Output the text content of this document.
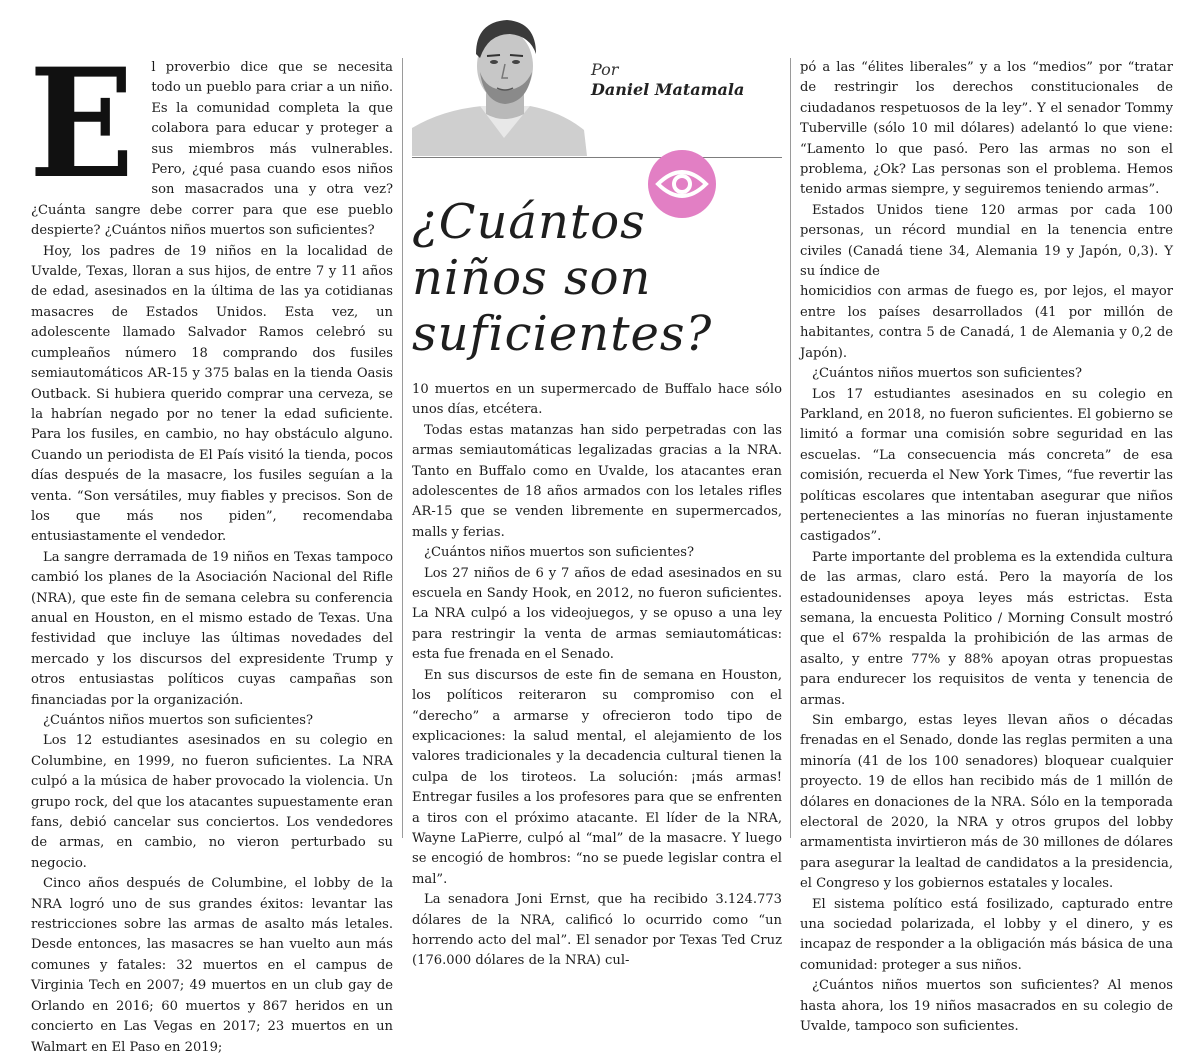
E	l proverbio dice que se necesita todo un pueblo para criar a un niño. Es la comunidad completa la que colabora para educar y proteger a sus miembros más vulnerables. Pero, ¿qué pasa cuando esos niños son masacrados una y otra vez? ¿Cuánta sangre debe correr para que ese pueblo despierte? ¿Cuántos niños muertos son suficientes?

Hoy, los padres de 19 niños en la localidad de Uvalde, Texas, lloran a sus hijos, de entre 7 y 11 años de edad, asesinados en la última de las ya cotidianas masacres de Estados Unidos. Esta vez, un adolescente llamado Salvador Ramos celebró su cumpleaños número 18 comprando dos fusiles semiautomáticos AR-15 y 375 balas en la tienda Oasis Outback. Si hubiera querido comprar una cerveza, se la habrían negado por no tener la edad suficiente. Para los fusiles, en cambio, no hay obstáculo alguno. Cuando un periodista de El País visitó la tienda, pocos días después de la masacre, los fusiles seguían a la venta. “Son versátiles, muy fiables y precisos. Son de los que más nos piden”, recomendaba entusiastamente el vendedor.

La sangre derramada de 19 niños en Texas tampoco cambió los planes de la Asociación Nacional del Rifle (NRA), que este fin de semana celebra su conferencia anual en Houston, en el mismo estado de Texas. Una festividad que incluye las últimas novedades del mercado y los discursos del expresidente Trump y otros entusiastas políticos cuyas campañas son financiadas por la organización.

¿Cuántos niños muertos son suficientes?

Los 12 estudiantes asesinados en su colegio en Columbine, en 1999, no fueron suficientes. La NRA culpó a la música de haber provocado la violencia. Un grupo rock, del que los atacantes supuestamente eran fans, debió cancelar sus conciertos. Los vendedores de armas, en cambio, no vieron perturbado su negocio.

Cinco años después de Columbine, el lobby de la NRA logró uno de sus grandes éxitos: levantar las restricciones sobre las armas de asalto más letales. Desde entonces, las masacres se han vuelto aun más comunes y fatales: 32 muertos en el campus de Virginia Tech en 2007; 49 muertos en un club gay de Orlando en 2016; 60 muertos y 867 heridos en un concierto en Las Vegas en 2017; 23 muertos en un Walmart en El Paso en 2019;

Por
Daniel Matamala
¿Cuántos niños son suficientes?

10 muertos en un supermercado de Buffalo hace sólo unos días, etcétera.

Todas estas matanzas han sido perpetradas con las armas semiautomáticas legalizadas gracias a la NRA. Tanto en Buffalo como en Uvalde, los atacantes eran adolescentes de 18 años armados con los letales rifles AR-15 que se venden libremente en supermercados, malls y ferias.

¿Cuántos niños muertos son suficientes?

Los 27 niños de 6 y 7 años de edad asesinados en su escuela en Sandy Hook, en 2012, no fueron suficientes. La NRA culpó a los videojuegos, y se opuso a una ley para restringir la venta de armas semiautomáticas: esta fue frenada en el Senado.

En sus discursos de este fin de semana en Houston, los políticos reiteraron su compromiso con el “derecho” a armarse y ofrecieron todo tipo de explicaciones: la salud mental, el alejamiento de los valores tradicionales y la decadencia cultural tienen la culpa de los tiroteos. La solución: ¡más armas! Entregar fusiles a los profesores para que se enfrenten a tiros con el próximo atacante. El líder de la NRA, Wayne LaPierre, culpó al “mal” de la masacre. Y luego se encogió de hombros: “no se puede legislar contra el mal”.

La senadora Joni Ernst, que ha recibido 3.124.773 dólares de la NRA, calificó lo ocurrido como “un horrendo acto del mal”. El senador por Texas Ted Cruz (176.000 dólares de la NRA) cul-

pó a las “élites liberales” y a los “medios” por “tratar de restringir los derechos constitucionales de ciudadanos respetuosos de la ley”. Y el senador Tommy Tuberville (sólo 10 mil dólares) adelantó lo que viene: “Lamento lo que pasó. Pero las armas no son el problema, ¿Ok? Las personas son el problema. Hemos tenido armas siempre, y seguiremos teniendo armas”.

Estados Unidos tiene 120 armas por cada 100 personas, un récord mundial en la tenencia entre civiles (Canadá tiene 34, Alemania 19 y Japón, 0,3). Y su índice de

homicidios con armas de fuego es, por lejos, el mayor entre los países desarrollados (41 por millón de habitantes, contra 5 de Canadá, 1 de Alemania y 0,2 de Japón).

¿Cuántos niños muertos son suficientes?

Los 17 estudiantes asesinados en su colegio en Parkland, en 2018, no fueron suficientes. El gobierno se limitó a formar una comisión sobre seguridad en las escuelas. “La consecuencia más concreta” de esa comisión, recuerda el New York Times, “fue revertir las políticas escolares que intentaban asegurar que niños pertenecientes a las minorías no fueran injustamente castigados”.

Parte importante del problema es la extendida cultura de las armas, claro está. Pero la mayoría de los estadounidenses apoya leyes más estrictas. Esta semana, la encuesta Politico / Morning Consult mostró que el 67% respalda la prohibición de las armas de asalto, y entre 77% y 88% apoyan otras propuestas para endurecer los requisitos de venta y tenencia de armas.

Sin embargo, estas leyes llevan años o décadas frenadas en el Senado, donde las reglas permiten a una minoría (41 de los 100 senadores) bloquear cualquier proyecto. 19 de ellos han recibido más de 1 millón de dólares en donaciones de la NRA. Sólo en la temporada electoral de 2020, la NRA y otros grupos del lobby armamentista invirtieron más de 30 millones de dólares para asegurar la lealtad de candidatos a la presidencia, el Congreso y los gobiernos estatales y locales.

El sistema político está fosilizado, capturado entre una sociedad polarizada, el lobby y el dinero, y es incapaz de responder a la obligación más básica de una comunidad: proteger a sus niños.

¿Cuántos niños muertos son suficientes? Al menos hasta ahora, los 19 niños masacrados en su colegio de Uvalde, tampoco son suficientes.
